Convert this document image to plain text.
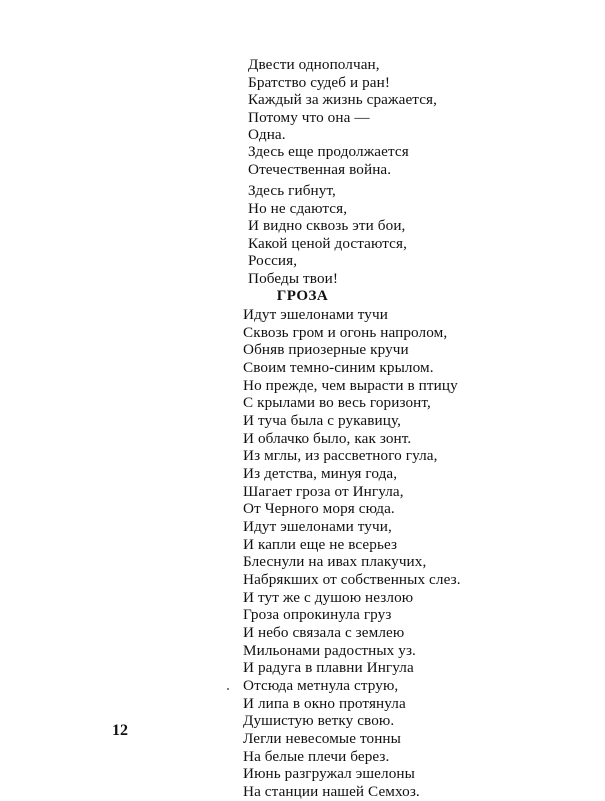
Двести однополчан,
Братство судеб и ран!
Каждый за жизнь сражается,
Потому что она —
Одна.
Здесь еще продолжается
Отечественная война.
Здесь гибнут,
Но не сдаются,
И видно сквозь эти бои,
Какой ценой достаются,
Россия,
Победы твои!
ГРОЗА
Идут эшелонами тучи
Сквозь гром и огонь напролом,
Обняв приозерные кручи
Своим темно-синим крылом.
Но прежде, чем вырасти в птицу
С крылами во весь горизонт,
И туча была с рукавицу,
И облачко было, как зонт.
Из мглы, из рассветного гула,
Из детства, минуя года,
Шагает гроза от Ингула,
От Черного моря сюда.
Идут эшелонами тучи,
И капли еще не всерьез
Блеснули на ивах плакучих,
Набрякших от собственных слез.
И тут же с душою незлою
Гроза опрокинула груз
И небо связала с землею
Мильонами радостных уз.
И радуга в плавни Ингула
Отсюда метнула струю,
И липа в окно протянула
Душистую ветку свою.
Легли невесомые тонны
На белые плечи берез.
Июнь разгружал эшелоны
На станции нашей Семхоз.
12
